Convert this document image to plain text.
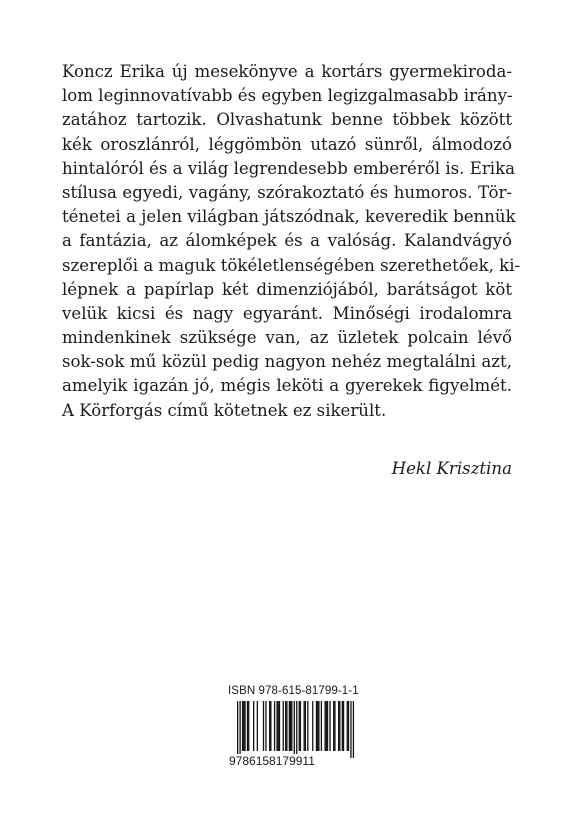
Koncz Erika új mesekönyve a kortárs gyermekiroda-
lom leginnovatívabb és egyben legizgalmasabb irány-
zatához tartozik. Olvashatunk benne többek között
kék oroszlánról, léggömbön utazó sünről, álmodozó
hintalóról és a világ legrendesebb emberéről is. Erika
stílusa egyedi, vagány, szórakoztató és humoros. Tör-
ténetei a jelen világban játszódnak, keveredik bennük
a fantázia, az álomképek és a valóság. Kalandvágyó
szereplői a maguk tökéletlenségében szerethetőek, ki-
lépnek a papírlap két dimenziójából, barátságot köt
velük kicsi és nagy egyaránt. Minőségi irodalomra
mindenkinek szüksége van, az üzletek polcain lévő
sok-sok mű közül pedig nagyon nehéz megtalálni azt,
amelyik igazán jó, mégis leköti a gyerekek figyelmét.
A Körforgás című kötetnek ez sikerült.
Hekl Krisztina
ISBN 978-615-81799-1-1
9786158179911
